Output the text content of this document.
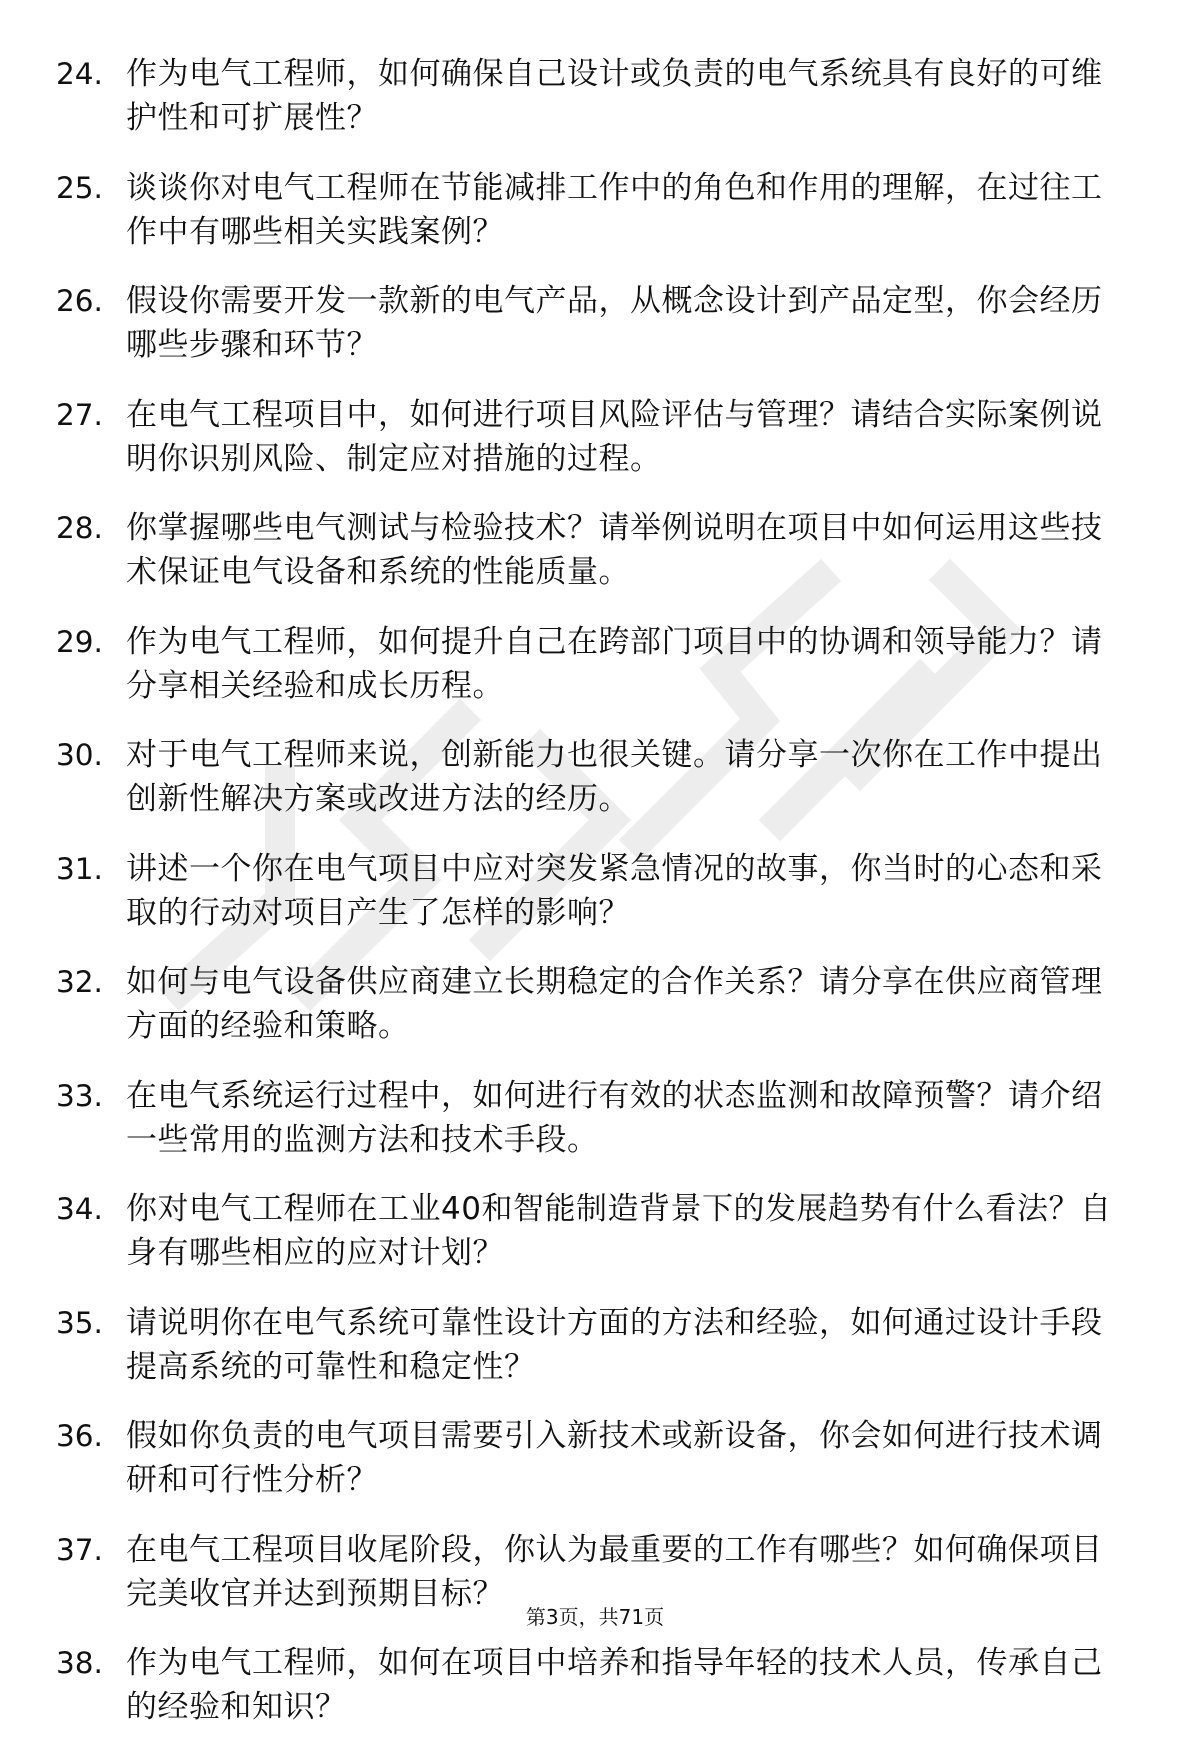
24. 作为电气工程师，如何确保自己设计或负责的电气系统具有良好的可维护性和可扩展性？
25. 谈谈你对电气工程师在节能减排工作中的角色和作用的理解，在过往工作中有哪些相关实践案例？
26. 假设你需要开发一款新的电气产品，从概念设计到产品定型，你会经历哪些步骤和环节？
27. 在电气工程项目中，如何进行项目风险评估与管理？请结合实际案例说明你识别风险、制定应对措施的过程。
28. 你掌握哪些电气测试与检验技术？请举例说明在项目中如何运用这些技术保证电气设备和系统的性能质量。
29. 作为电气工程师，如何提升自己在跨部门项目中的协调和领导能力？请分享相关经验和成长历程。
30. 对于电气工程师来说，创新能力也很关键。请分享一次你在工作中提出创新性解决方案或改进方法的经历。
31. 讲述一个你在电气项目中应对突发紧急情况的故事，你当时的心态和采取的行动对项目产生了怎样的影响？
32. 如何与电气设备供应商建立长期稳定的合作关系？请分享在供应商管理方面的经验和策略。
33. 在电气系统运行过程中，如何进行有效的状态监测和故障预警？请介绍一些常用的监测方法和技术手段。
34. 你对电气工程师在工业40和智能制造背景下的发展趋势有什么看法？自身有哪些相应的应对计划？
35. 请说明你在电气系统可靠性设计方面的方法和经验，如何通过设计手段提高系统的可靠性和稳定性？
36. 假如你负责的电气项目需要引入新技术或新设备，你会如何进行技术调研和可行性分析？
37. 在电气工程项目收尾阶段，你认为最重要的工作有哪些？如何确保项目完美收官并达到预期目标？
38. 作为电气工程师，如何在项目中培养和指导年轻的技术人员，传承自己的经验和知识？
第3页，共71页
